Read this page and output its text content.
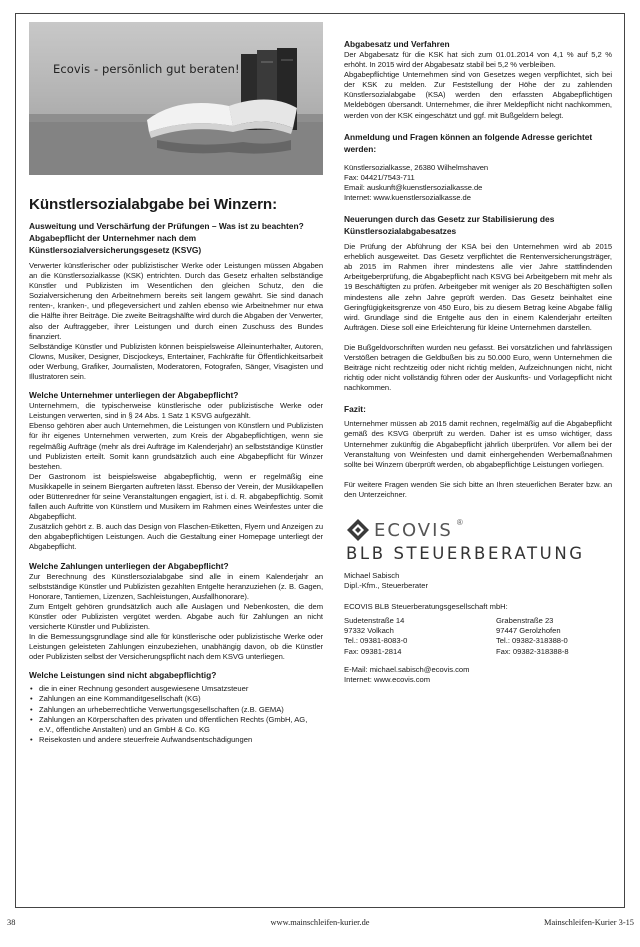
Ecovis - persönlich gut beraten!
Künstlersozialabgabe bei Winzern:
Ausweitung und Verschärfung der Prüfungen – Was ist zu beachten? Abgabepflicht der Unternehmer nach dem Künstlersozialversicherungsgesetz (KSVG)

Verwerter künstlerischer oder publizistischer Werke oder Leistungen müssen Abgaben an die Künstlersozialkasse (KSK) entrichten. Durch das Gesetz erhalten selbständige Künstler und Publizisten im Wesentlichen den gleichen Schutz, den die Sozialversicherung den Arbeitnehmern bereits seit langem gewährt. Sie sind danach renten-, kranken-, und pflegeversichert und zahlen ebenso wie Arbeitnehmer nur etwa die Hälfte ihrer Beiträge. Die zweite Beitragshälfte wird durch die Abgaben der Verwerter, also der Auftraggeber, ihrer Leistungen und durch einen Zuschuss des Bundes finanziert.

Selbständige Künstler und Publizisten können beispielsweise Alleinunterhalter, Autoren, Clowns, Musiker, Designer, Discjockeys, Entertainer, Fachkräfte für Öffentlichkeitsarbeit oder Werbung, Grafiker, Journalisten, Moderatoren, Fotografen, Sänger, Visagisten und Illustratoren sein.

Welche Unternehmer unterliegen der Abgabepflicht?

Unternehmern, die typischerweise künstlerische oder publizistische Werke oder Leistungen verwerten, sind in § 24 Abs. 1 Satz 1 KSVG aufgezählt.

Ebenso gehören aber auch Unternehmen, die Leistungen von Künstlern und Publizisten für ihr eigenes Unternehmen verwerten, zum Kreis der Abgabepflichtigen, wenn sie regelmäßig Aufträge (mehr als drei Aufträge im Kalenderjahr) an selbstständige Künstler und Publizisten erteilt. Somit kann grundsätzlich auch eine Abgabepflicht für Winzer bestehen.

Der Gastronom ist beispielsweise abgabepflichtig, wenn er regelmäßig eine Musikkapelle in seinem Biergarten auftreten lässt. Ebenso der Verein, der Musikkapellen oder Büttenredner für seine Veranstaltungen engagiert, ist i. d. R. abgabepflichtig. Somit fallen auch Auftritte von Künstlern und Musikern im Rahmen eines Weinfestes unter die Abgabepflicht.

Zusätzlich gehört z. B. auch das Design von Flaschen-Etiketten, Flyern und Anzeigen zu den abgabepflichtigen Leistungen. Auch die Gestaltung einer Homepage unterliegt der Abgabepflicht.

Welche Zahlungen unterliegen der Abgabepflicht?

Zur Berechnung des Künstlersozialabgabe sind alle in einem Kalenderjahr an selbstständige Künstler und Publizisten gezahlten Entgelte heranzuziehen (z. B. Gagen, Honorare, Tantiemen, Lizenzen, Sachleistungen, Ausfallhonorare).

Zum Entgelt gehören grundsätzlich auch alle Auslagen und Nebenkosten, die dem Künstler oder Publizisten vergütet werden. Abgabe auch für Zahlungen an nicht versicherte Künstler und Publizisten.

In die Bemessungsgrundlage sind alle für künstlerische oder publizistische Werke oder Leistungen geleisteten Zahlungen einzubeziehen, unabhängig davon, ob die Künstler oder Publizisten selbst der Versicherungspflicht nach dem KSVG unterliegen.

Welche Leistungen sind nicht abgabepflichtig?
• die in einer Rechnung gesondert ausgewiesene Umsatzsteuer
• Zahlungen an eine Kommanditgesellschaft (KG)
• Zahlungen an urheberrechtliche Verwertungsgesellschaften (z.B. GEMA)
• Zahlungen an Körperschaften des privaten und öffentlichen Rechts (GmbH, AG, e.V., öffentliche Anstalten) und an GmbH & Co. KG
• Reisekosten und andere steuerfreie Aufwandsentschädigungen
Abgabesatz und Verfahren

Der Abgabesatz für die KSK hat sich zum 01.01.2014 von 4,1 % auf 5,2 % erhöht. In 2015 wird der Abgabesatz stabil bei 5,2 % verbleiben.

Abgabepflichtige Unternehmen sind von Gesetzes wegen verpflichtet, sich bei der KSK zu melden. Zur Feststellung der Höhe der zu zahlenden Künstlersozialabgabe (KSA) werden den erfassten Abgabepflichtigen Meldebögen übersandt. Unternehmer, die ihrer Meldepflicht nicht nachkommen, werden von der KSK eingeschätzt und ggf. mit Bußgeldern belegt.

Anmeldung und Fragen können an folgende Adresse gerichtet werden:

Künstlersozialkasse, 26380 Wilhelmshaven

Fax: 04421/7543-711

Email: auskunft@kuenstlersozialkasse.de

Internet: www.kuenstlersozialkasse.de

Neuerungen durch das Gesetz zur Stabilisierung des Künstlersozialabgabesatzes

Die Prüfung der Abführung der KSA bei den Unternehmen wird ab 2015 erheblich ausgeweitet. Das Gesetz verpflichtet die Rentenversicherungsträger, ab 2015 im Rahmen ihrer mindestens alle vier Jahre stattfindenden Arbeitgeberprüfung, die Abgabepflicht nach KSVG bei Arbeitgebern mit mehr als 19 Beschäftigten zu prüfen. Arbeitgeber mit weniger als 20 Beschäftigten sollen mindestens alle zehn Jahre geprüft werden. Das Gesetz beinhaltet eine Geringfügigkeitsgrenze von 450 Euro, bis zu diesem Betrag keine Abgabe fällig wird. Grundlage sind die Entgelte aus den in einem Kalenderjahr erteilten Aufträgen. Diese soll eine Erleichterung für kleine Unternehmen darstellen.

Die Bußgeldvorschriften wurden neu gefasst. Bei vorsätzlichen und fahrlässigen Verstößen betragen die Geldbußen bis zu 50.000 Euro, wenn Unternehmen die Beiträge nicht rechtzeitig oder nicht richtig melden, Aufzeichnungen nicht, nicht richtig oder nicht vollständig führen oder der Auskunfts- und Vorlagepflicht nicht nachkommen.

Fazit:

Unternehmer müssen ab 2015 damit rechnen, regelmäßig auf die Abgabepflicht gemäß des KSVG überprüft zu werden. Daher ist es umso wichtiger, dass Unternehmer zukünftig die Abgabepflicht jährlich überprüfen. Vor allem bei der Veranstaltung von Weinfesten und damit einhergehenden Werbemaßnahmen sollte bei Winzern überprüft werden, ob abgabepflichtige Leistungen vorliegen.

Für weitere Fragen wenden Sie sich bitte an Ihren steuerlichen Berater bzw. an den Unterzeichner.

ECOVIS ®
BLB STEUERBERATUNG
Michael Sabisch
Dipl.-Kfm., Steuerberater
ECOVIS BLB Steuerberatungsgesellschaft mbH:
Sudetenstraße 14
97332 Volkach
Tel.: 09381-8083-0
Fax: 09381-2814
Grabenstraße 23
97447 Gerolzhofen
Tel.: 09382-318388-0
Fax: 09382-318388-8
E-Mail: michael.sabisch@ecovis.com
Internet: www.ecovis.com
38	www.mainschleifen-kurier.de	Mainschleifen-Kurier 3-15
